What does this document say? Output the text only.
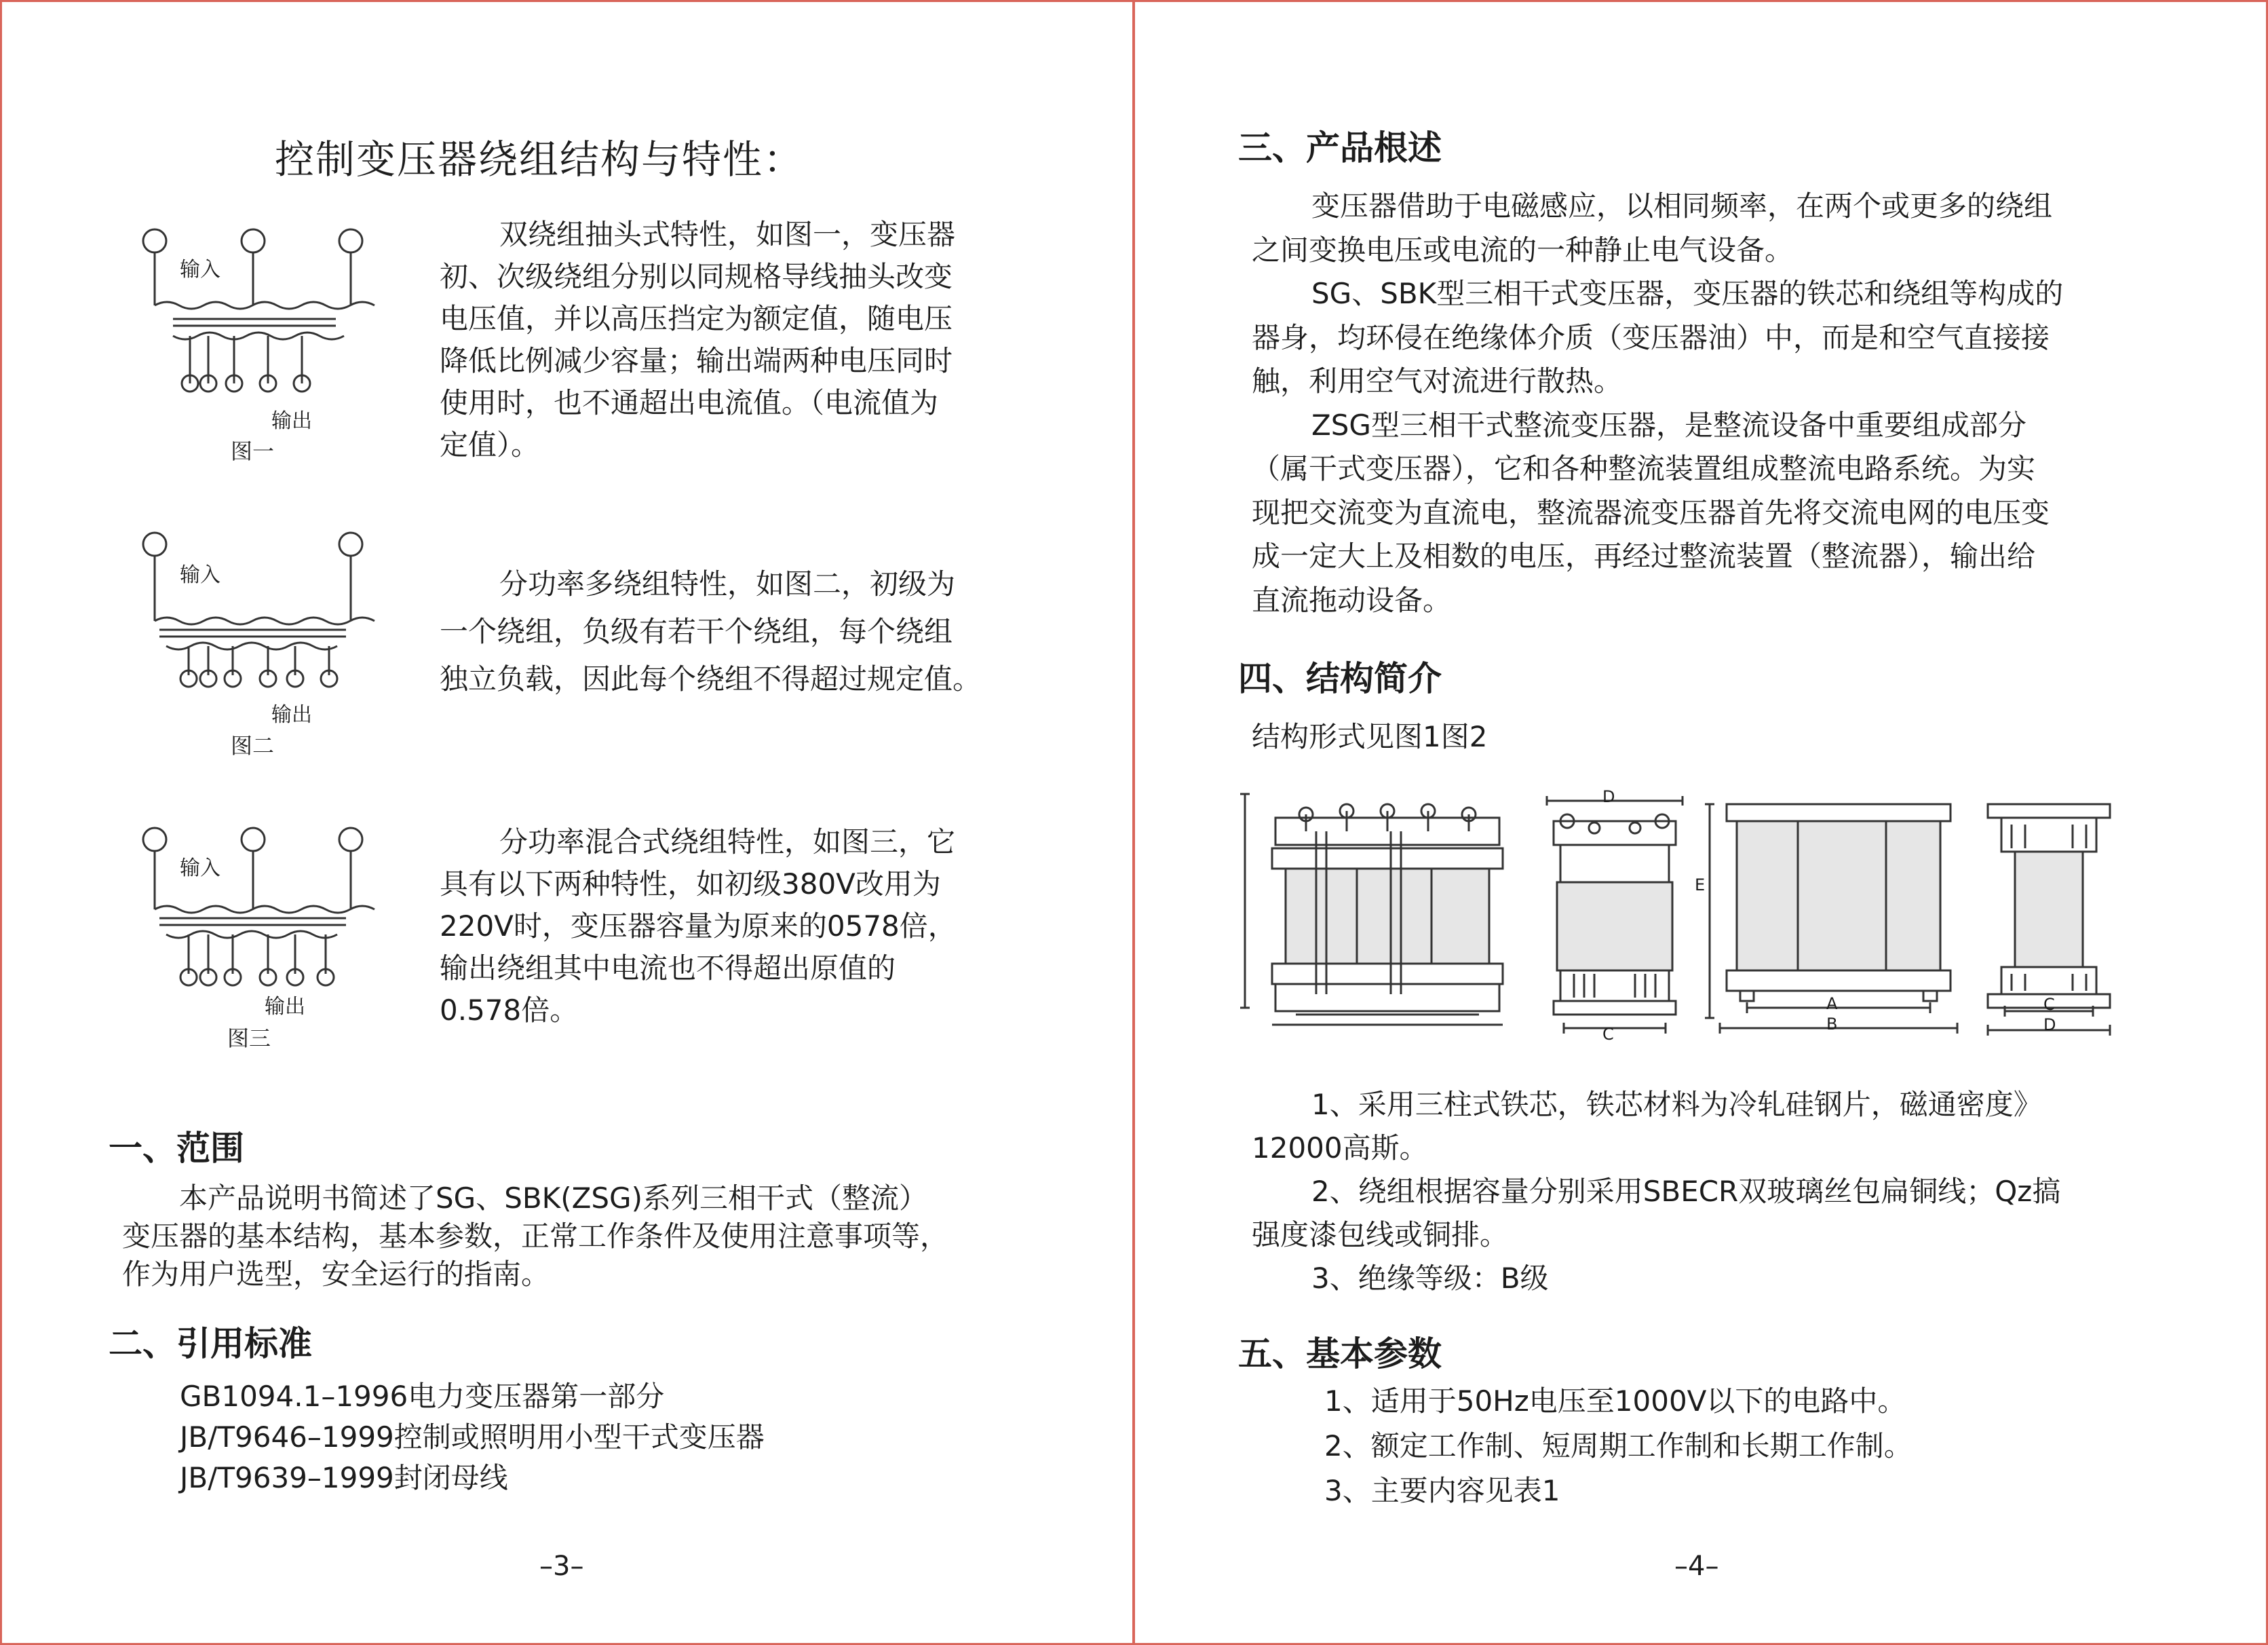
控制变压器绕组结构与特性：
输入
输出
图一

双绕组抽头式特性，如图一，变压器

初、次级绕组分别以同规格导线抽头改变

电压值，并以高压挡定为额定值，随电压

降低比例减少容量；输出端两种电压同时

使用时，也不通超出电流值。（电流值为

定值）。

输入
输出
图二

分功率多绕组特性，如图二，初级为

一个绕组，负级有若干个绕组，每个绕组

独立负载，因此每个绕组不得超过规定值。

输入
输出
图三

分功率混合式绕组特性，如图三，它

具有以下两种特性，如初级380V改用为

220V时，变压器容量为原来的0578倍，

输出绕组其中电流也不得超出原值的

0.578倍。

一、范围

本产品说明书简述了SG、SBK(ZSG)系列三相干式（整流）

变压器的基本结构，基本参数，正常工作条件及使用注意事项等，

作为用户选型，安全运行的指南。

二、引用标准

GB1094.1–1996电力变压器第一部分

JB/T9646–1999控制或照明用小型干式变压器

JB/T9639–1999封闭母线

–3–
三、产品根述

变压器借助于电磁感应，以相同频率，在两个或更多的绕组

之间变换电压或电流的一种静止电气设备。

SG、SBK型三相干式变压器，变压器的铁芯和绕组等构成的

器身，均环侵在绝缘体介质（变压器油）中，而是和空气直接接

触，利用空气对流进行散热。

ZSG型三相干式整流变压器，是整流设备中重要组成部分

（属干式变压器），它和各种整流装置组成整流电路系统。为实

现把交流变为直流电，整流器流变压器首先将交流电网的电压变

成一定大上及相数的电压，再经过整流装置（整流器），输出给

直流拖动设备。

四、结构简介
结构形式见图1图2
D
C
E
A
B
C
D

1、采用三柱式铁芯，铁芯材料为冷轧硅钢片，磁通密度》

12000高斯。

2、绕组根据容量分别采用SBECR双玻璃丝包扁铜线；Qz搞

强度漆包线或铜排。

3、绝缘等级：B级

五、基本参数

1、适用于50Hz电压至1000V以下的电路中。

2、额定工作制、短周期工作制和长期工作制。

3、主要内容见表1

–4–
